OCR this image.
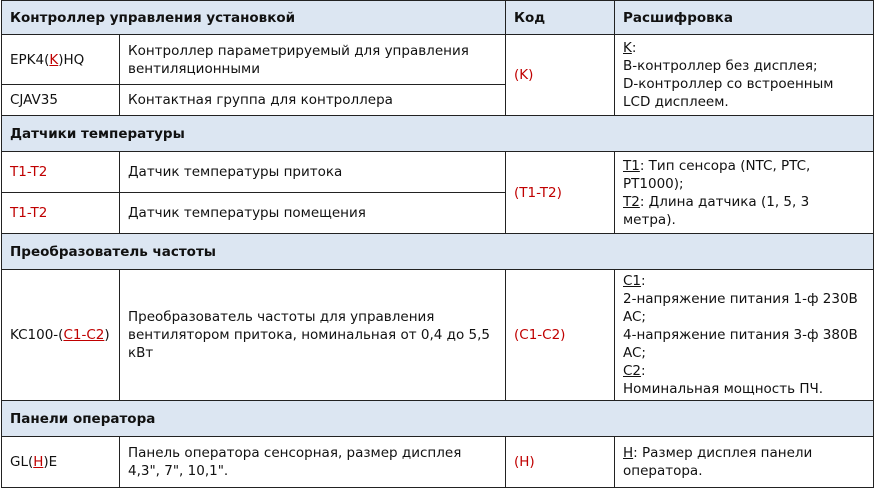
Контроллер управления установкой		Код	Расшифровка
EPK4(K)HQ	Контроллер параметрируемый для управления вентиляционными	(K)	K:
B-контроллер без дисплея;
D-контроллер со встроенным LCD дисплеем.
CJAV35	Контактная группа для контроллера		
Датчики температуры			
T1-T2	Датчик температуры притока	(T1-T2)	T1: Тип сенсора (NTC, PTC, PT1000);
T2: Длина датчика (1, 5, 3 метра).
T1-T2	Датчик температуры помещения		
Преобразователь частоты			
KC100-(C1-C2)	Преобразователь частоты для управления вентилятором притока, номинальная от 0,4 до 5,5 кВт	(C1-C2)	C1:
2-напряжение питания 1-ф 230В AC;
4-напряжение питания 3-ф 380В AC;
C2:
Номинальная мощность ПЧ.
Панели оператора			
GL(H)E	Панель оператора сенсорная, размер дисплея 4,3", 7", 10,1".	(H)	H: Размер дисплея панели оператора.
